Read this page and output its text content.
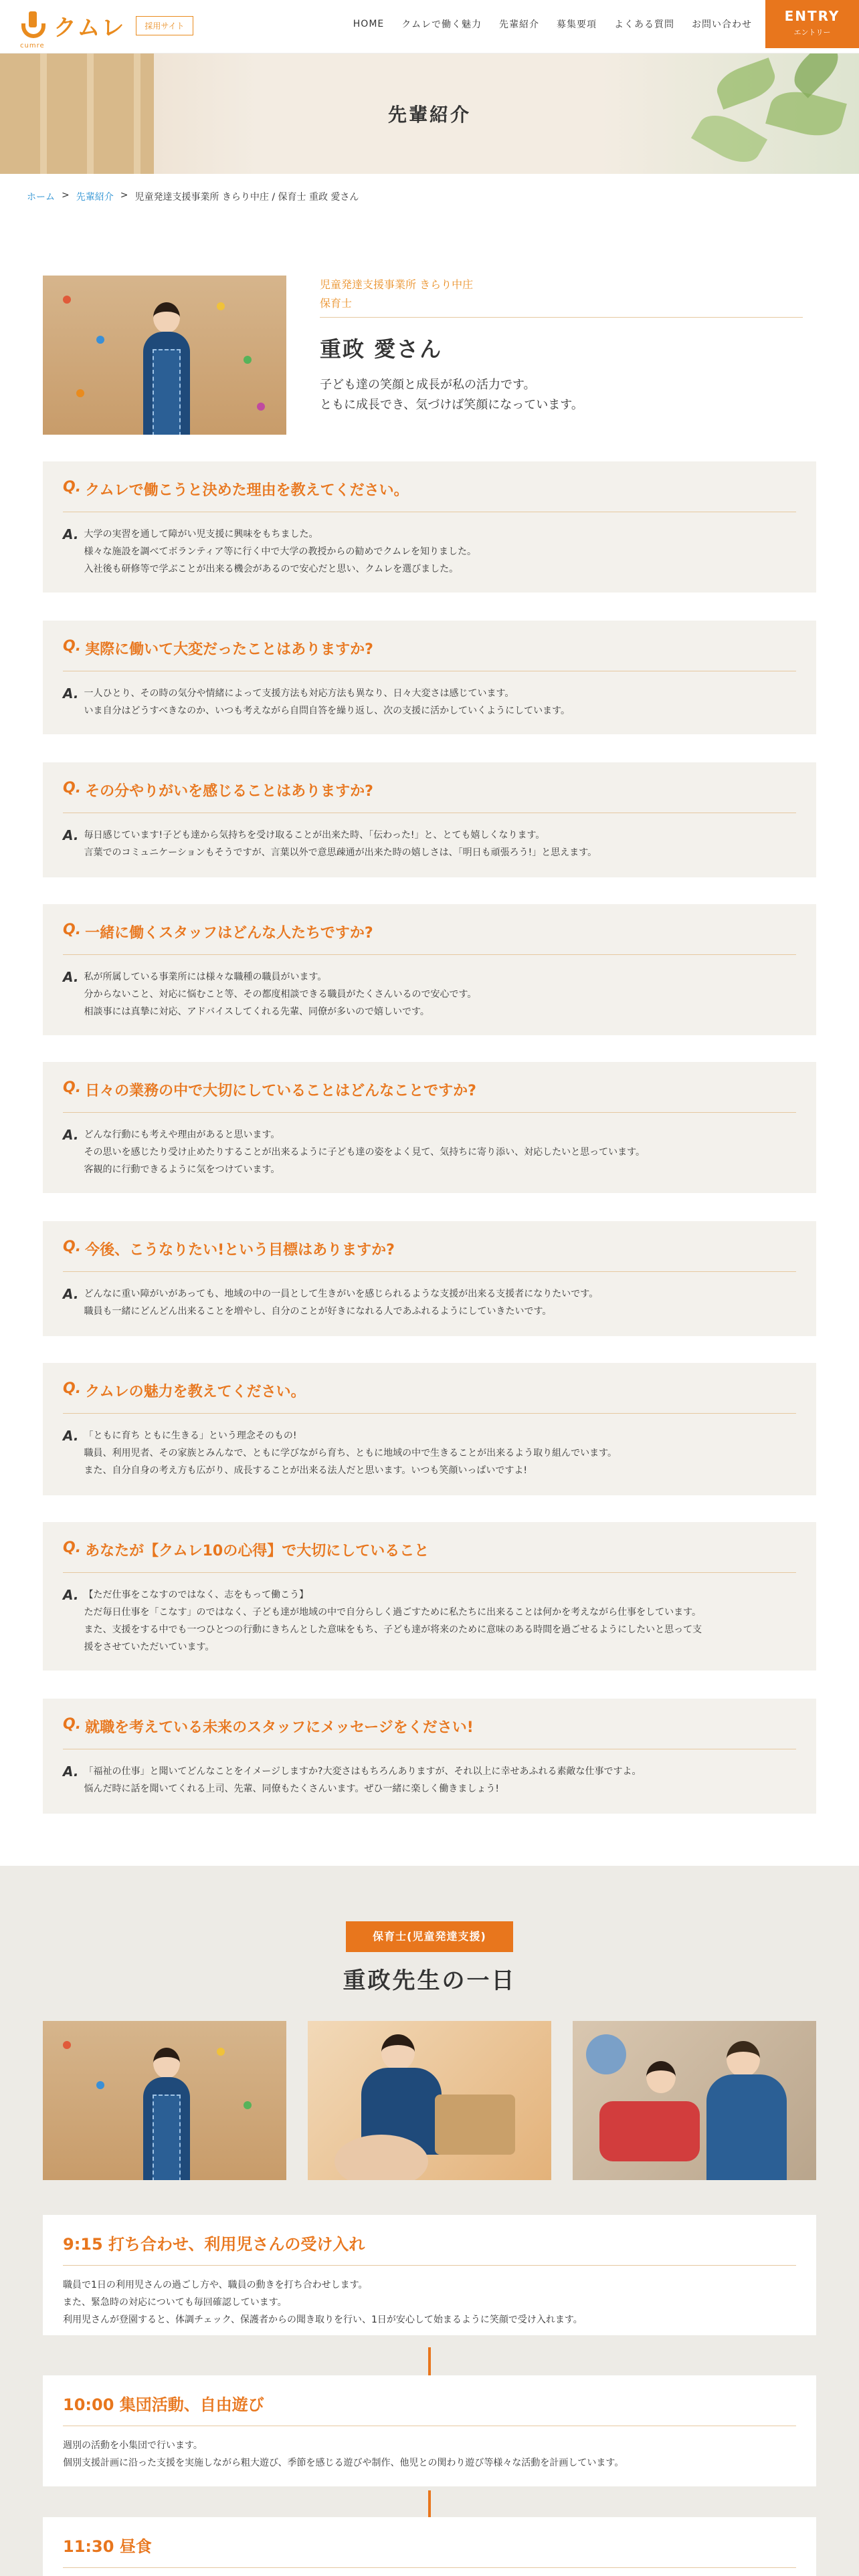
cumre
クムレ	採用サイト	HOME クムレで働く魅力 先輩紹介 募集要項 よくある質問 お問い合わせ
ENTRY
エントリー
先輩紹介
ホーム > 先輩紹介 > 児童発達支援事業所 きらり中庄 / 保育士 重政 愛さん
児童発達支援事業所 きらり中庄
保育士
重政 愛さん
子ども達の笑顔と成長が私の活力です。
ともに成長でき、気づけば笑顔になっています。
Q. クムレで働こうと決めた理由を教えてください。
A. 大学の実習を通して障がい児支援に興味をもちました。
様々な施設を調べてボランティア等に行く中で大学の教授からの勧めでクムレを知りました。
入社後も研修等で学ぶことが出来る機会があるので安心だと思い、クムレを選びました。
Q. 実際に働いて大変だったことはありますか?
A. 一人ひとり、その時の気分や情緒によって支援方法も対応方法も異なり、日々大変さは感じています。
いま自分はどうすべきなのか、いつも考えながら自問自答を繰り返し、次の支援に活かしていくようにしています。
Q. その分やりがいを感じることはありますか?
A. 毎日感じています!子ども達から気持ちを受け取ることが出来た時、「伝わった!」と、とても嬉しくなります。
言葉でのコミュニケーションもそうですが、言葉以外で意思疎通が出来た時の嬉しさは、「明日も頑張ろう!」と思えます。
Q. 一緒に働くスタッフはどんな人たちですか?
A. 私が所属している事業所には様々な職種の職員がいます。
分からないこと、対応に悩むこと等、その都度相談できる職員がたくさんいるので安心です。
相談事には真摯に対応、アドバイスしてくれる先輩、同僚が多いので嬉しいです。
Q. 日々の業務の中で大切にしていることはどんなことですか?
A. どんな行動にも考えや理由があると思います。
その思いを感じたり受け止めたりすることが出来るように子ども達の姿をよく見て、気持ちに寄り添い、対応したいと思っています。
客観的に行動できるように気をつけています。
Q. 今後、こうなりたい!という目標はありますか?
A. どんなに重い障がいがあっても、地域の中の一員として生きがいを感じられるような支援が出来る支援者になりたいです。
職員も一緒にどんどん出来ることを増やし、自分のことが好きになれる人であふれるようにしていきたいです。
Q. クムレの魅力を教えてください。
A. 「ともに育ち ともに生きる」という理念そのもの!
職員、利用児者、その家族とみんなで、ともに学びながら育ち、ともに地域の中で生きることが出来るよう取り組んでいます。
また、自分自身の考え方も広がり、成長することが出来る法人だと思います。いつも笑顔いっぱいですよ!
Q. あなたが【クムレ10の心得】で大切にしていること
A. 【ただ仕事をこなすのではなく、志をもって働こう】
ただ毎日仕事を「こなす」のではなく、子ども達が地域の中で自分らしく過ごすために私たちに出来ることは何かを考えながら仕事をしています。
また、支援をする中でも一つひとつの行動にきちんとした意味をもち、子ども達が将来のために意味のある時間を過ごせるようにしたいと思って支
援をさせていただいています。
Q. 就職を考えている未来のスタッフにメッセージをください!
A. 「福祉の仕事」と聞いてどんなことをイメージしますか?大変さはもちろんありますが、それ以上に幸せあふれる素敵な仕事ですよ。
悩んだ時に話を聞いてくれる上司、先輩、同僚もたくさんいます。ぜひ一緒に楽しく働きましょう!
保育士(児童発達支援)
重政先生の一日
9:15 打ち合わせ、利用児さんの受け入れ
職員で1日の利用児さんの過ごし方や、職員の動きを打ち合わせします。
また、緊急時の対応についても毎回確認しています。
利用児さんが登園すると、体調チェック、保護者からの聞き取りを行い、1日が安心して始まるように笑顔で受け入れます。
10:00 集団活動、自由遊び
週別の活動を小集団で行います。
個別支援計画に沿った支援を実施しながら粗大遊び、季節を感じる遊びや制作、他児との関わり遊び等様々な活動を計画しています。
11:30 昼食
